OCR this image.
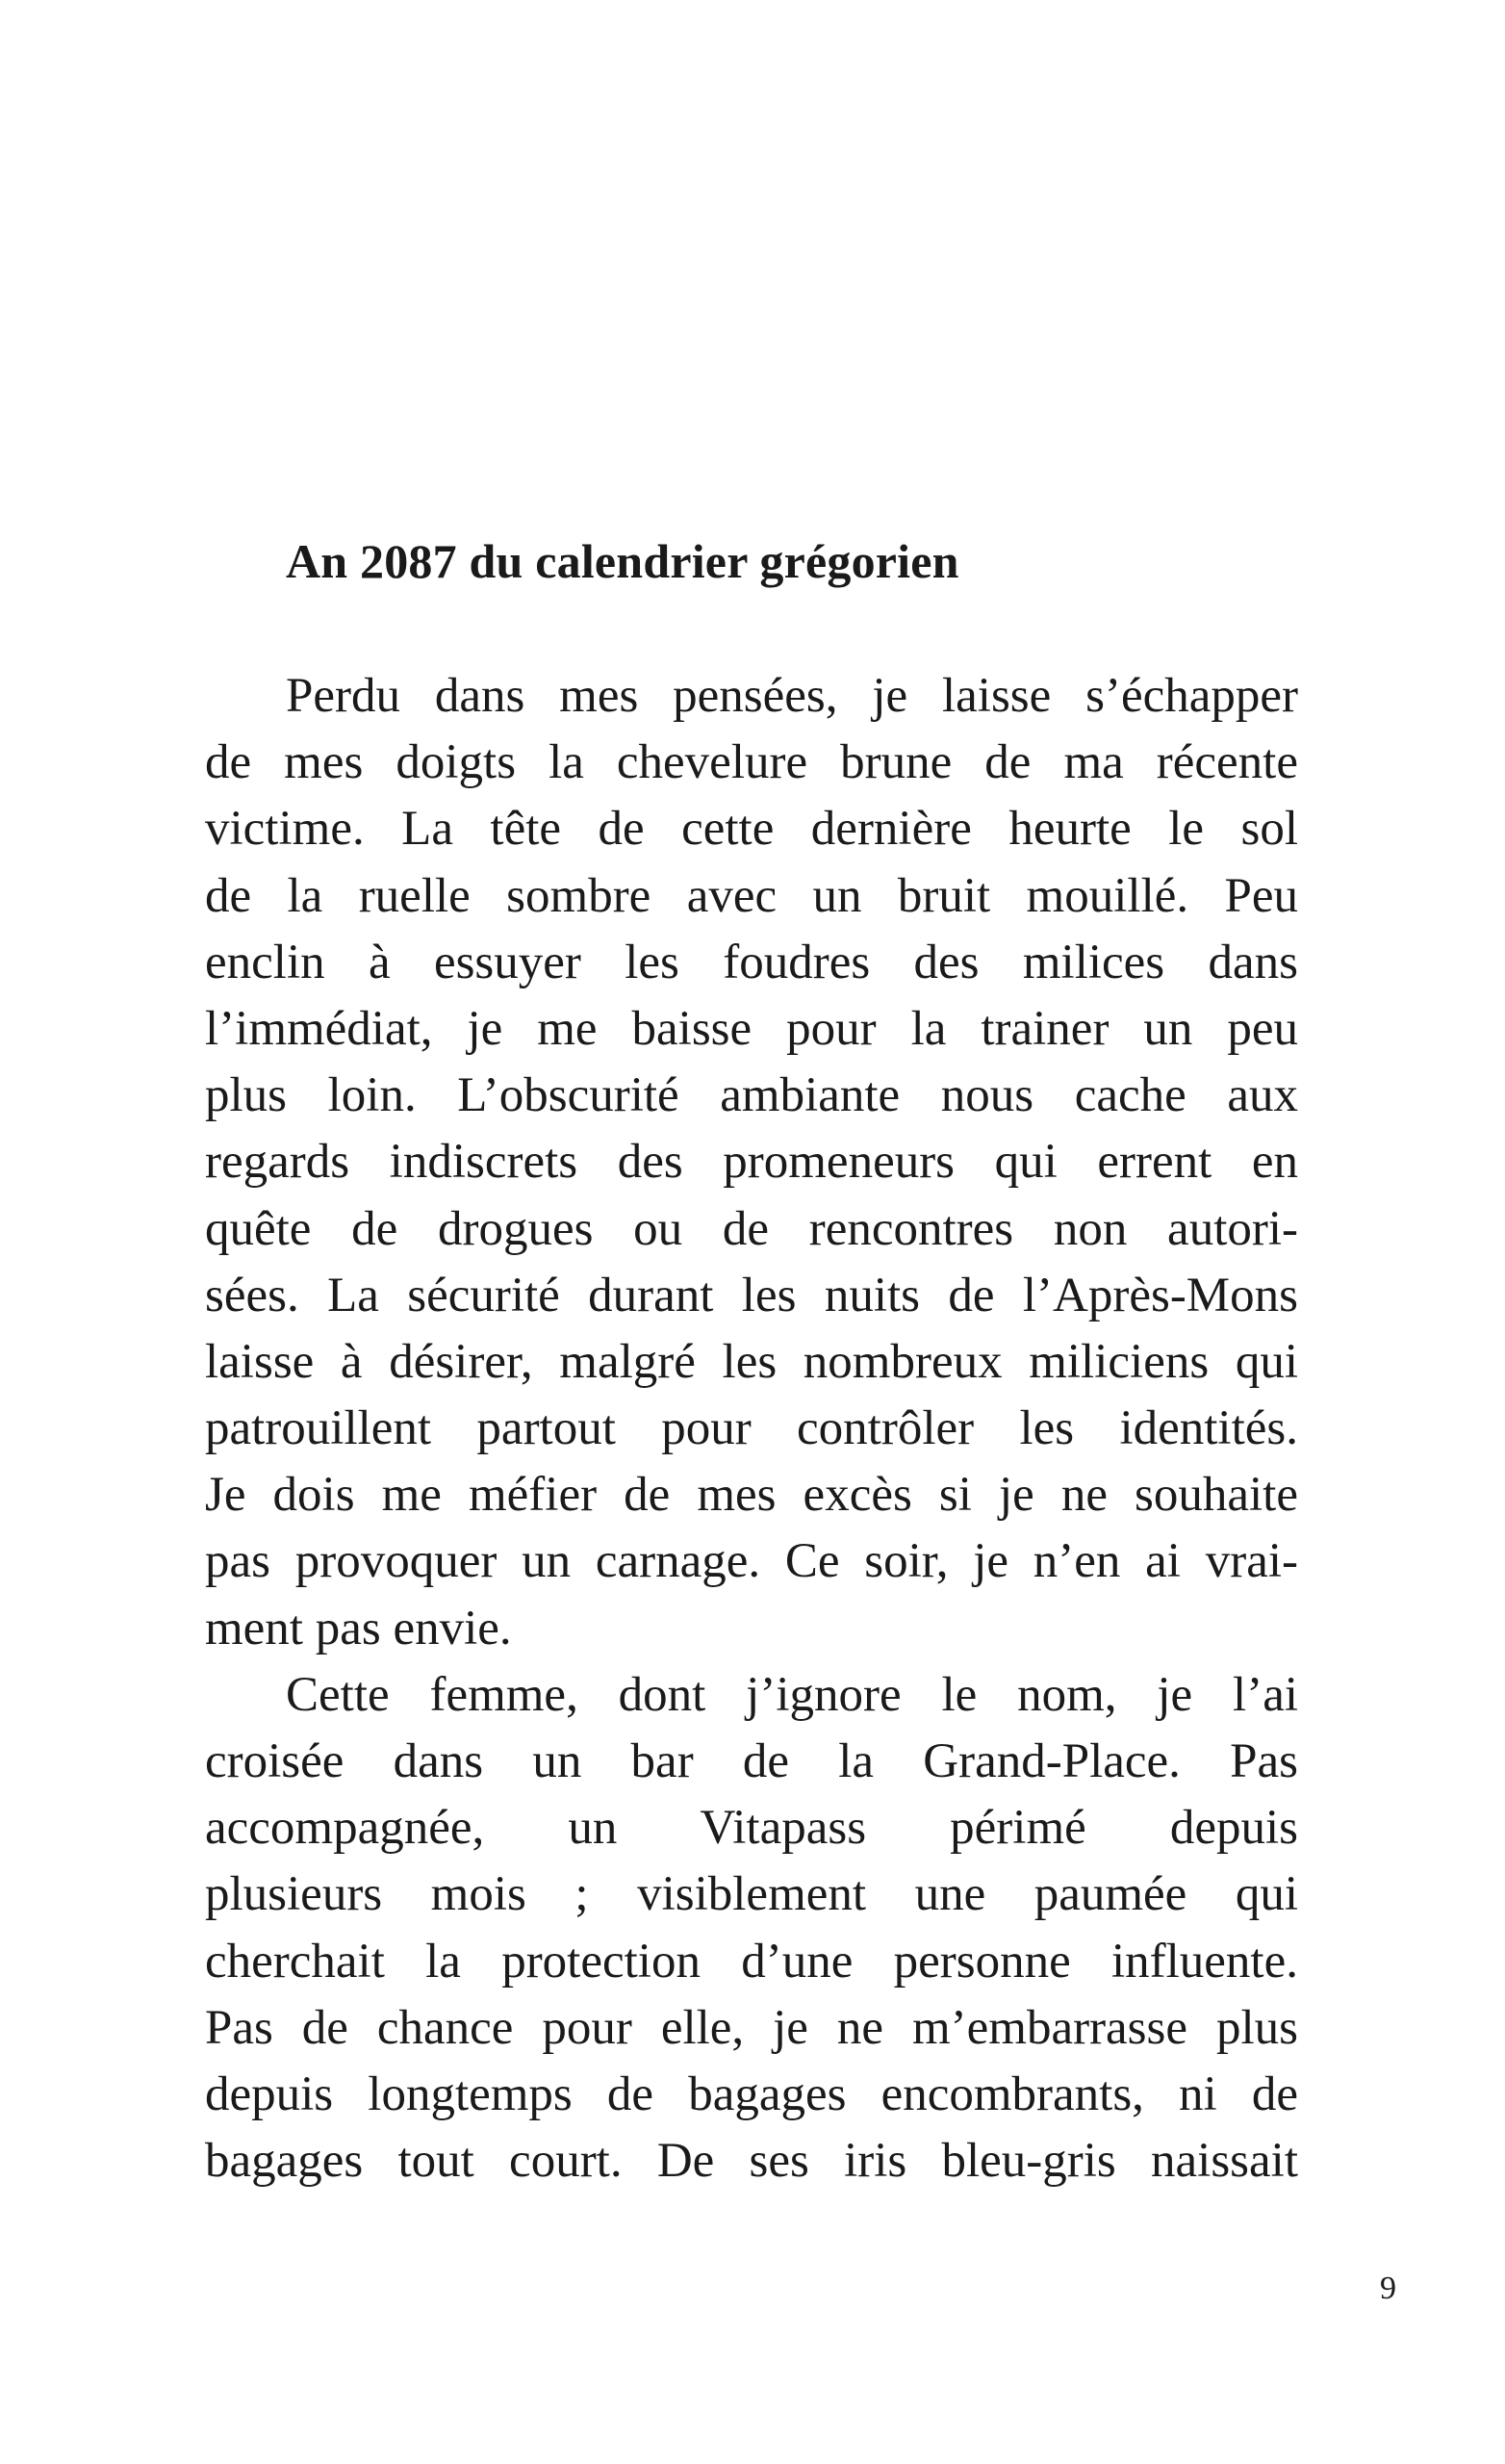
An 2087 du calendrier grégorien
Perdu dans mes pensées, je laisse s’échapper
de mes doigts la chevelure brune de ma récente
victime. La tête de cette dernière heurte le sol
de la ruelle sombre avec un bruit mouillé. Peu
enclin à essuyer les foudres des milices dans
l’immédiat, je me baisse pour la trainer un peu
plus loin. L’obscurité ambiante nous cache aux
regards indiscrets des promeneurs qui errent en
quête de drogues ou de rencontres non autori-
sées. La sécurité durant les nuits de l’Après-Mons
laisse à désirer, malgré les nombreux miliciens qui
patrouillent partout pour contrôler les identités.
Je dois me méfier de mes excès si je ne souhaite
pas provoquer un carnage. Ce soir, je n’en ai vrai-
ment pas envie.
Cette femme, dont j’ignore le nom, je l’ai
croisée dans un bar de la Grand-Place. Pas
accompagnée, un Vitapass périmé depuis
plusieurs mois ; visiblement une paumée qui
cherchait la protection d’une personne influente.
Pas de chance pour elle, je ne m’embarrasse plus
depuis longtemps de bagages encombrants, ni de
bagages tout court. De ses iris bleu-gris naissait

9
